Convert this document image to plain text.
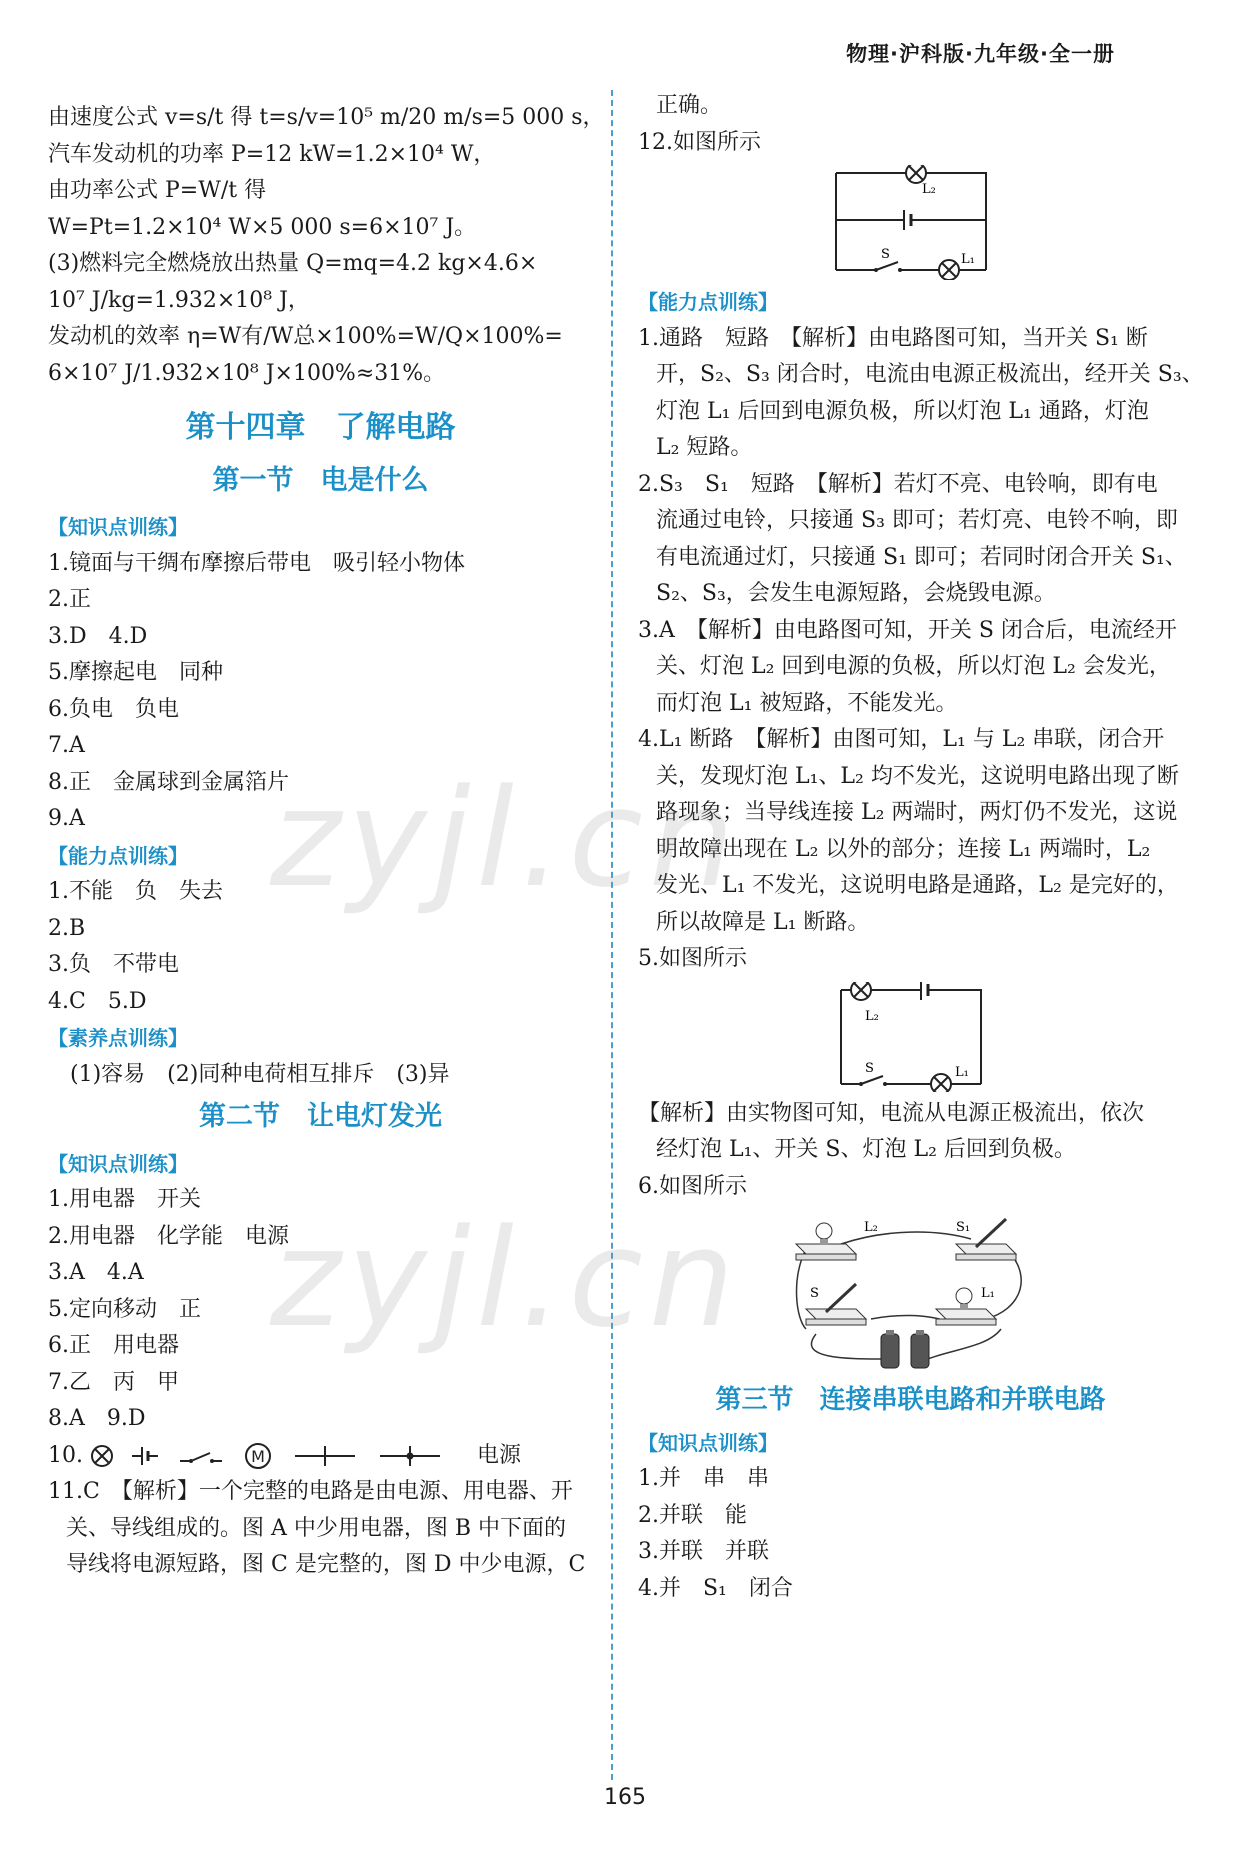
物理·沪科版·九年级·全一册
由速度公式 v=s/t 得 t=s/v=10⁵ m/20 m/s=5 000 s，
汽车发动机的功率 P=12 kW=1.2×10⁴ W，
由功率公式 P=W/t 得
W=Pt=1.2×10⁴ W×5 000 s=6×10⁷ J。
(3)燃料完全燃烧放出热量 Q=mq=4.2 kg×4.6×
10⁷ J/kg=1.932×10⁸ J，
发动机的效率 η=W有/W总×100%=W/Q×100%=
6×10⁷ J/1.932×10⁸ J×100%≈31%。
第十四章　了解电路
第一节　电是什么
【知识点训练】
1.镜面与干绸布摩擦后带电　吸引轻小物体
2.正
3.D　4.D
5.摩擦起电　同种
6.负电　负电
7.A
8.正　金属球到金属箔片
9.A
【能力点训练】
1.不能　负　失去
2.B
3.负　不带电
4.C　5.D
【素养点训练】
(1)容易　(2)同种电荷相互排斥　(3)异
第二节　让电灯发光
【知识点训练】
1.用电器　开关
2.用电器　化学能　电源
3.A　4.A
5.定向移动　正
6.正　用电器
7.乙　丙　甲
8.A　9.D
10.	M	电源
11.C　【解析】一个完整的电路是由电源、用电器、开
关、导线组成的。图 A 中少用电器，图 B 中下面的
导线将电源短路，图 C 是完整的，图 D 中少电源，C
正确。
12.如图所示
L₂
S	L₁
【能力点训练】
1.通路　短路　【解析】由电路图可知，当开关 S₁ 断
开，S₂、S₃ 闭合时，电流由电源正极流出，经开关 S₃、
灯泡 L₁ 后回到电源负极，所以灯泡 L₁ 通路，灯泡
L₂ 短路。
2.S₃　S₁　短路　【解析】若灯不亮、电铃响，即有电
流通过电铃，只接通 S₃ 即可；若灯亮、电铃不响，即
有电流通过灯，只接通 S₁ 即可；若同时闭合开关 S₁、
S₂、S₃，会发生电源短路，会烧毁电源。
3.A　【解析】由电路图可知，开关 S 闭合后，电流经开
关、灯泡 L₂ 回到电源的负极，所以灯泡 L₂ 会发光，
而灯泡 L₁ 被短路，不能发光。
4.L₁ 断路　【解析】由图可知，L₁ 与 L₂ 串联，闭合开
关，发现灯泡 L₁、L₂ 均不发光，这说明电路出现了断
路现象；当导线连接 L₂ 两端时，两灯仍不发光，这说
明故障出现在 L₂ 以外的部分；连接 L₁ 两端时，L₂
发光、L₁ 不发光，这说明电路是通路，L₂ 是完好的，
所以故障是 L₁ 断路。
5.如图所示
L₂
S	L₁
【解析】由实物图可知，电流从电源正极流出，依次
经灯泡 L₁、开关 S、灯泡 L₂ 后回到负极。
6.如图所示
L₂	S₁
S	L₁
第三节　连接串联电路和并联电路
【知识点训练】
1.并　串　串
2.并联　能
3.并联　并联
4.并　S₁　闭合
zyjl.cn
zyjl.cn
165
